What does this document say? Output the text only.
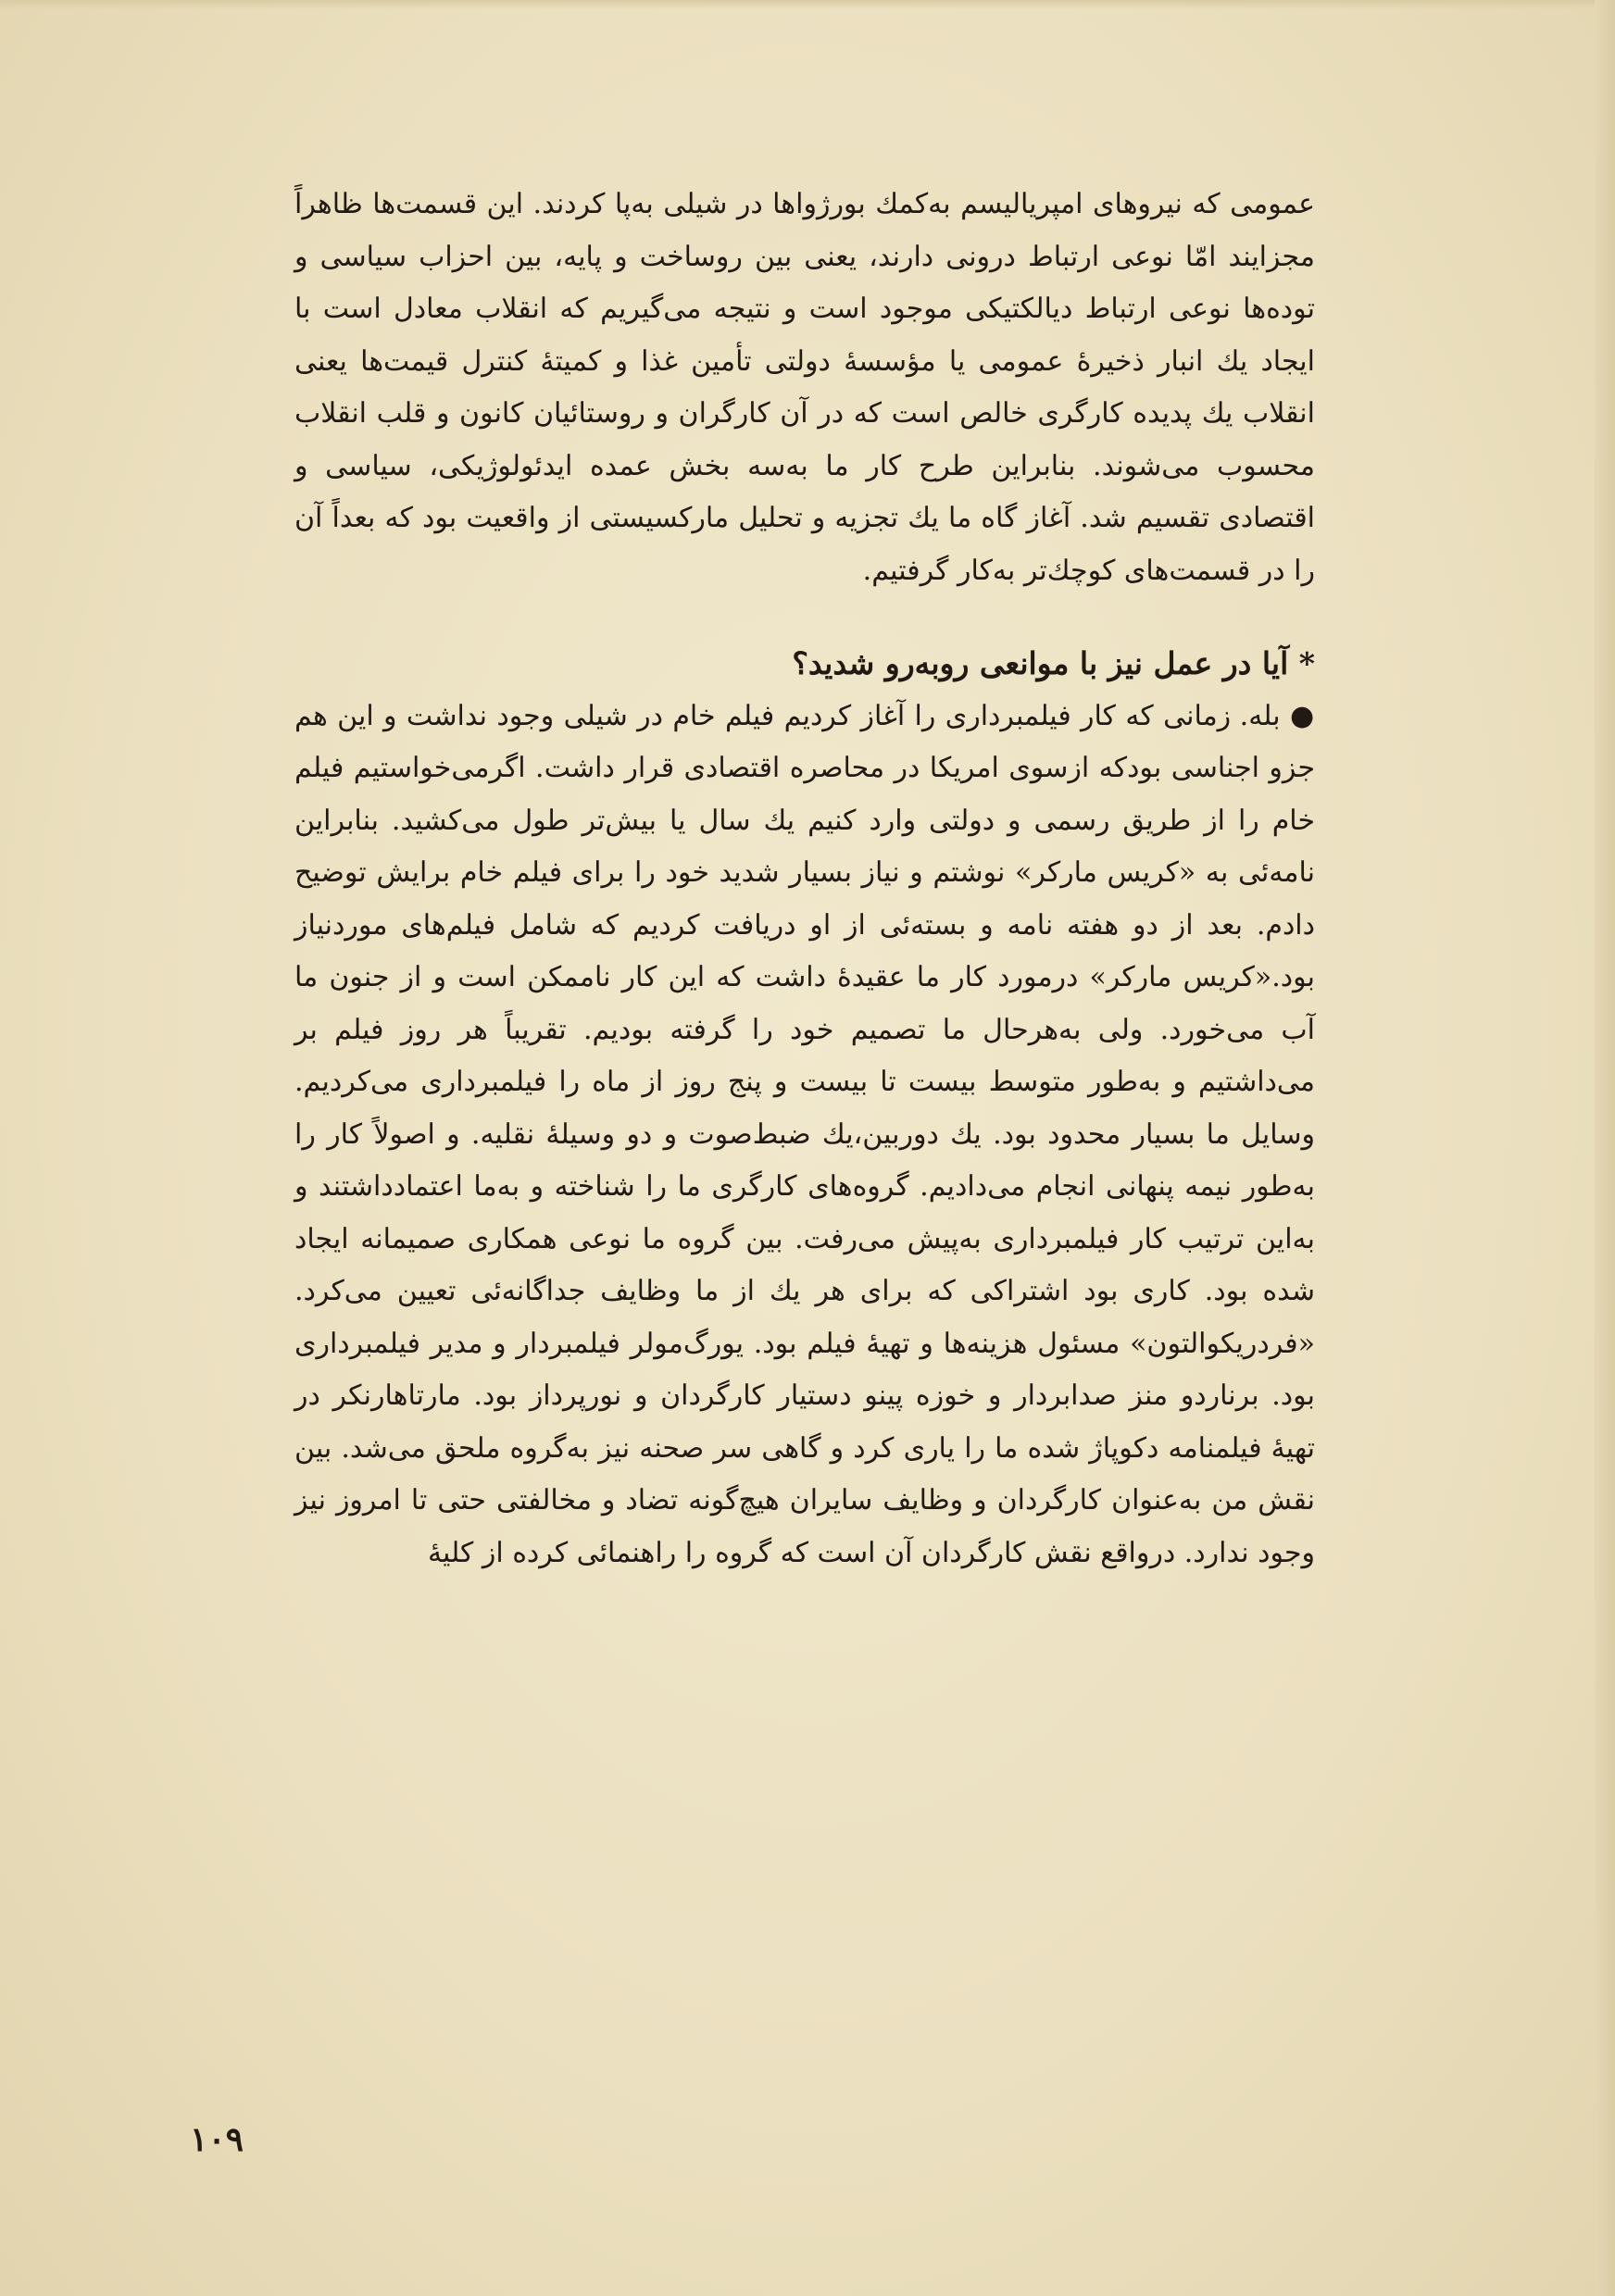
عمومی که نیروهای امپریالیسم به‌کمك بورژواها در شیلی به‌پا کردند. این قسمت‌ها ظاهراً مجزایند امّا نوعی ارتباط درونی دارند، یعنی بین روساخت و پایه، بین احزاب سیاسی و توده‌ها نوعی ارتباط دیالکتیکی موجود است و نتیجه می‌گیریم که انقلاب معادل است با ایجاد یك انبار ذخیرهٔ عمومی یا مؤسسهٔ دولتی تأمین غذا و کمیتهٔ کنترل قیمت‌ها یعنی انقلاب یك پدیده کارگری خالص است که در آن کارگران و روستائیان کانون و قلب انقلاب محسوب می‌شوند. بنابراین طرح کار ما به‌سه بخش عمده ایدئولوژیکی، سیاسی و اقتصادی تقسیم شد. آغاز گاه ما یك تجزیه و تحلیل مارکسیستی از واقعیت بود که بعداً آن را در قسمت‌های کوچك‌تر به‌کار گرفتیم.

* آیا در عمل نیز با موانعی روبه‌رو شدید؟

● بله. زمانی که کار فیلمبرداری را آغاز کردیم فیلم خام در شیلی وجود نداشت و این هم جزو اجناسی بودکه ازسوی امریکا در محاصره اقتصادی قرار داشت. اگرمی‌خواستیم فیلم خام را از طریق رسمی و دولتی وارد کنیم یك سال یا بیش‌تر طول می‌کشید. بنابراین نامه‌ئی به «کریس مارکر» نوشتم و نیاز بسیار شدید خود را برای فیلم خام برایش توضیح دادم. بعد از دو هفته نامه و بسته‌ئی از او دریافت کردیم که شامل فیلم‌های موردنیاز بود.«کریس مارکر» درمورد کار ما عقیدهٔ داشت که این کار ناممکن است و از جنون ما آب می‌خورد. ولی به‌هرحال ما تصمیم خود را گرفته بودیم. تقریباً هر روز فیلم بر می‌داشتیم و به‌طور متوسط بیست تا بیست و پنج روز از ماه را فیلمبرداری می‌کردیم. وسایل ما بسیار محدود بود. یك دوربین،یك ضبط‌صوت و دو وسیلهٔ نقلیه. و اصولاً کار را به‌طور نیمه پنهانی انجام می‌دادیم. گروه‌های کارگری ما را شناخته و به‌ما اعتمادداشتند و به‌این ترتیب کار فیلمبرداری به‌پیش می‌رفت. بین گروه ما نوعی همکاری صمیمانه ایجاد شده بود. کاری بود اشتراکی که برای هر یك از ما وظایف جداگانه‌ئی تعیین می‌کرد. «فردریکوالتون» مسئول هزینه‌ها و تهیهٔ فیلم بود. یورگ‌مولر فیلمبردار و مدیر فیلمبرداری بود. برناردو منز صدابردار و خوزه پینو دستیار کارگردان و نورپرداز بود. مارتاهارنکر در تهیهٔ فیلمنامه دکوپاژ شده ما را یاری کرد و گاهی سر صحنه نیز به‌گروه ملحق می‌شد. بین نقش من به‌عنوان کارگردان و وظایف سایران هیچ‌گونه تضاد و مخالفتی حتی تا امروز نیز وجود ندارد. درواقع نقش کارگردان آن است که گروه را راهنمائی کرده از کلیهٔ

۱۰۹
